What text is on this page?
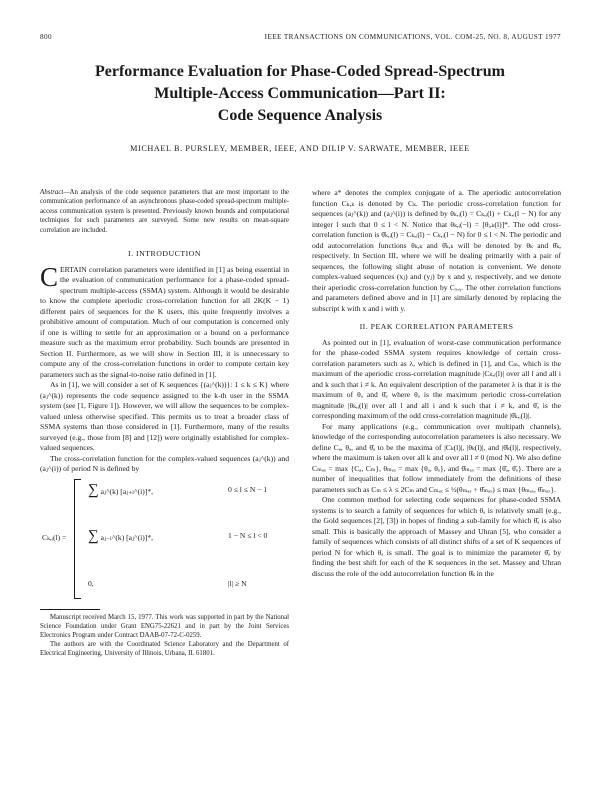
800	IEEE TRANSACTIONS ON COMMUNICATIONS, VOL. COM-25, NO. 8, AUGUST 1977
Performance Evaluation for Phase-Coded Spread-Spectrum
Multiple-Access Communication—Part II:
Code Sequence Analysis
MICHAEL B. PURSLEY, MEMBER, IEEE, AND DILIP V. SARWATE, MEMBER, IEEE
Abstract—An analysis of the code sequence parameters that are most important to the communication performance of an asynchronous phase-coded spread-spectrum multiple-access communication system is presented. Previously known bounds and computational techniques for such parameters are surveyed. Some new results on mean-square correlation are included.
I. INTRODUCTION

CERTAIN correlation parameters were identified in [1] as being essential in the evaluation of communication performance for a phase-coded spread-spectrum multiple-access (SSMA) system. Although it would be desirable to know the complete aperiodic cross-correlation function for all 2K(K − 1) different pairs of sequences for the K users, this quite frequently involves a prohibitive amount of computation. Much of our computation is concerned only if one is willing to settle for an approximation or a bound on a performance measure such as the maximum error probability. Such bounds are presented in Section II. Furthermore, as we will show in Section III, it is unnecessary to compute any of the cross-correlation functions in order to compute certain key parameters such as the signal-to-noise ratio defined in [1].

As in [1], we will consider a set of K sequences {(aⱼ^(k))}: 1 ≤ k ≤ K} where (aⱼ^(k)) represents the code sequence assigned to the k-th user in the SSMA system (see [1, Figure 1]). However, we will allow the sequences to be complex-valued unless otherwise specified. This permits us to treat a broader class of SSMA systems than those considered in [1]. Furthermore, many of the results surveyed (e.g., those from [8] and [12]) were originally established for complex-valued sequences.

The cross-correlation function for the complex-valued sequences (aⱼ^(k)) and (aⱼ^(i)) of period N is defined by

Cₖ,ᵢ(l) =
∑ aⱼ^(k) [aⱼ₊ₗ^(i)]*,	0 ≤ l ≤ N − 1
∑ aⱼ₋ₗ^(k) [aⱼ^(i)]*,	1 − N ≤ l < 0
0,	|l| ≥ N
Manuscript received March 15, 1977. This work was supported in part by the National Science Foundation under Grant ENG75-22621 and in part by the Joint Services Electronics Program under Contract DAAB-07-72-C-0259.
The authors are with the Coordinated Science Laboratory and the Department of Electrical Engineering, University of Illinois, Urbana, IL 61801.

where a* denotes the complex conjugate of a. The aperiodic autocorrelation function Cₖ,ₖ is denoted by Cₖ. The periodic cross-correlation function for sequences (aⱼ^(k)) and (aⱼ^(i)) is defined by θₖ,ᵢ(l) = Cₖ,ᵢ(l) + Cₖ,ᵢ(l − N) for any integer l such that 0 ≤ l < N. Notice that θₖ,ᵢ(−l) = [θᵢ,ₖ(l)]*. The odd cross-correlation function is θ̂ₖ,ᵢ(l) = Cₖ,ᵢ(l) − Cₖ,ᵢ(l − N) for 0 ≤ l < N. The periodic and odd autocorrelation functions θₖ,ₖ and θ̂ₖ,ₖ will be denoted by θₖ and θ̂ₖ, respectively. In Section III, where we will be dealing primarily with a pair of sequences, the following slight abuse of notation is convenient. We denote complex-valued sequences (xⱼ) and (yⱼ) by x and y, respectively, and we denote their aperiodic cross-correlation function by Cₓ,ᵧ. The other correlation functions and parameters defined above and in [1] are similarly denoted by replacing the subscript k with x and i with y.

II. PEAK CORRELATION PARAMETERS

As pointed out in [1], evaluation of worst-case communication performance for the phase-coded SSMA system requires knowledge of certain cross-correlation parameters such as λ, which is defined in [1], and Cₘ, which is the maximum of the aperiodic cross-correlation magnitude |Cₖ,ᵢ(l)| over all l and all i and k such that i ≠ k. An equivalent description of the parameter λ is that it is the maximum of θₐ and θ̂ₐ where θₐ is the maximum periodic cross-correlation magnitude |θₖ,ᵢ(l)| over all l and all i and k such that i ≠ k, and θ̂ₐ is the corresponding maximum of the odd cross-correlation magnitude |θ̂ₖ,ᵢ(l)|.

For many applications (e.g., communication over multipath channels), knowledge of the corresponding autocorrelation parameters is also necessary. We define Cₐ, θₐ, and θ̂ₐ to be the maxima of |Cₖ(l)|, |θₖ(l)|, and |θ̂ₖ(l)|, respectively, where the maximum is taken over all k and over all l ≠ 0 (mod N). We also define Cₘₐₓ = max {Cₐ, Cₘ}, θₘₐₓ = max {θₐ, θₒ}, and θ̂ₘₐₓ = max {θ̂ₐ, θ̂ₒ}. There are a number of inequalities that follow immediately from the definitions of these parameters such as Cₘ ≤ λ ≤ 2Cₘ and Cₘₐₓ ≤ ½(θₘₐₓ + θ̂ₘₐₓ) ≤ max {θₘₐₓ, θ̂ₘₐₓ}.

One common method for selecting code sequences for phase-coded SSMA systems is to search a family of sequences for which θₐ is relatively small (e.g., the Gold sequences [2], [3]) in hopes of finding a sub-family for which θ̂ₐ is also small. This is basically the approach of Massey and Uhran [5], who consider a family of sequences which consists of all distinct shifts of a set of K sequences of period N for which θₐ is small. The goal is to minimize the parameter θ̂ₐ by finding the best shift for each of the K sequences in the set. Massey and Uhran discuss the role of the odd autocorrelation function θ̂ₖ in the
